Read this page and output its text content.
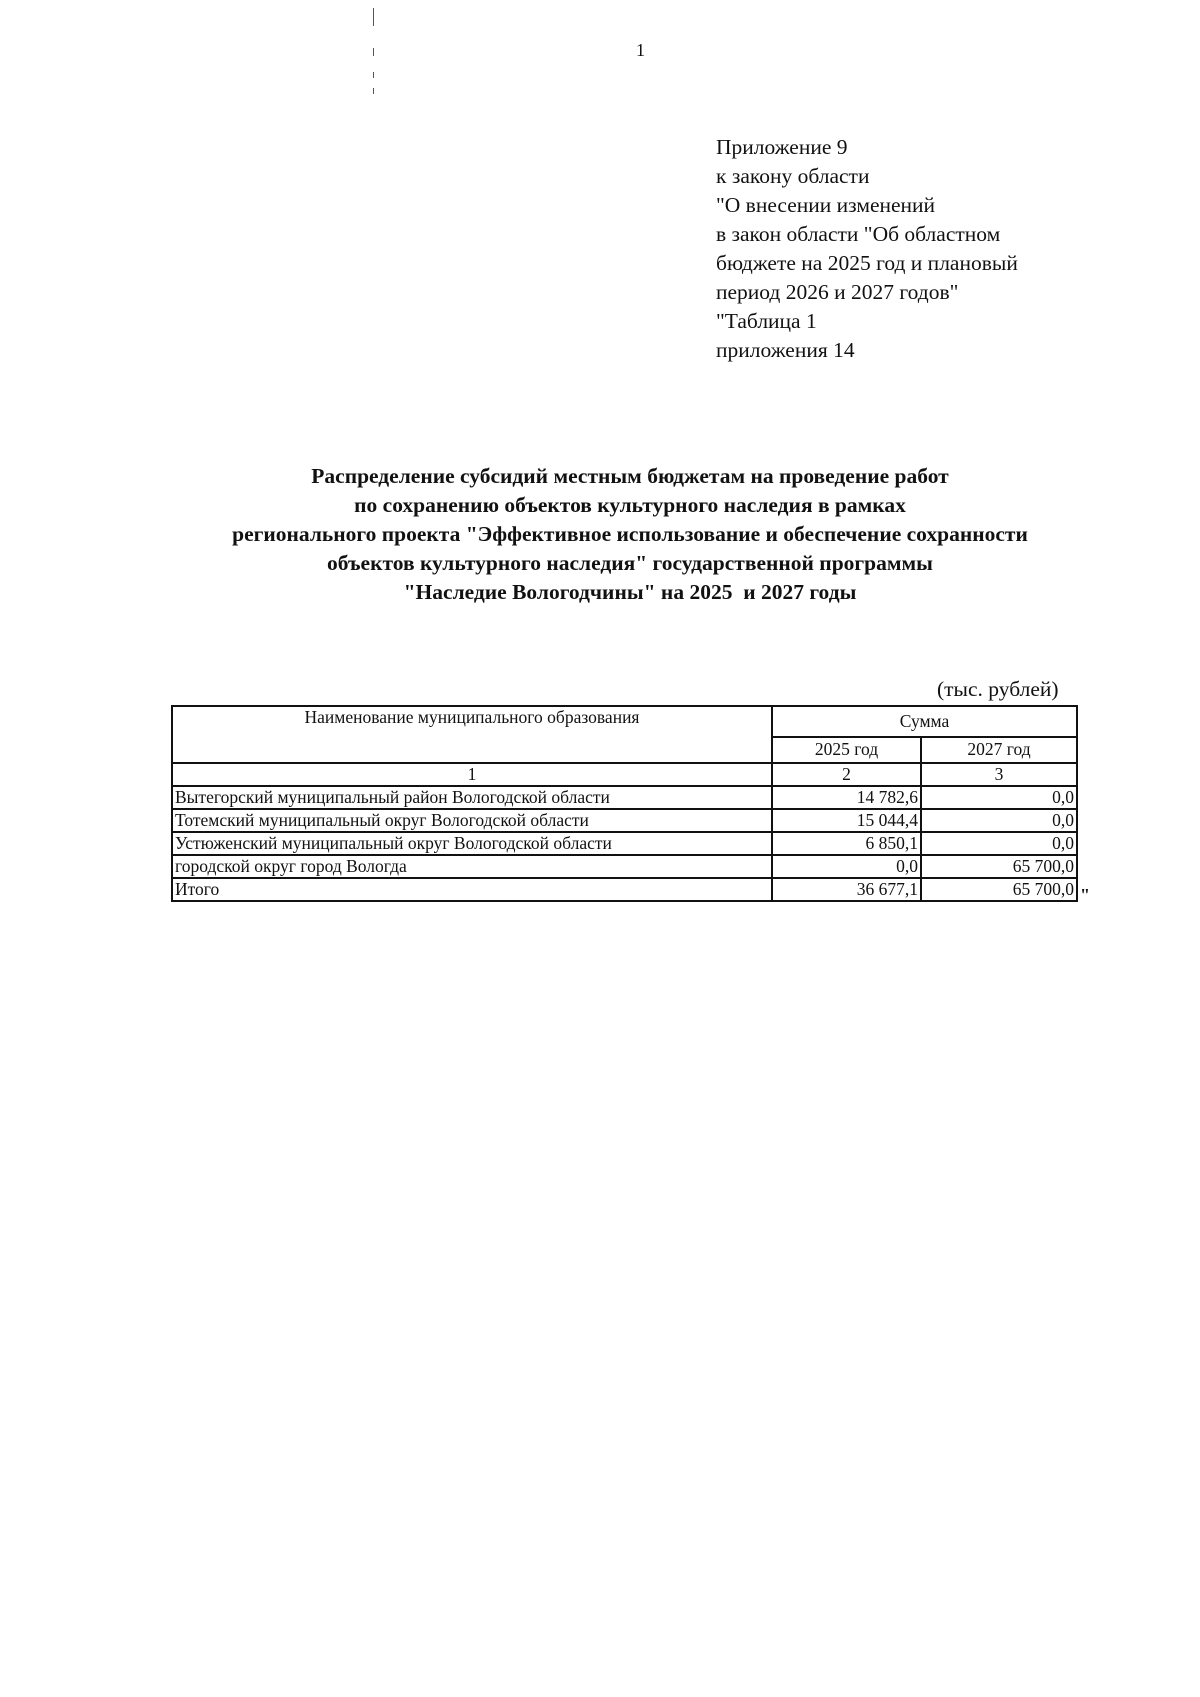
1
Приложение 9
к закону области
"О внесении изменений
в закон области "Об областном
бюджете на 2025 год и плановый
период 2026 и 2027 годов"
"Таблица 1
приложения 14
Распределение субсидий местным бюджетам на проведение работ
по сохранению объектов культурного наследия в рамках
регионального проекта "Эффективное использование и обеспечение сохранности
объектов культурного наследия" государственной программы
"Наследие Вологодчины" на 2025  и 2027 годы
(тыс. рублей)
Наименование муниципального образования	Сумма	
	2025 год	2027 год
1	2	3
Вытегорский муниципальный район Вологодской области	14 782,6	0,0
Тотемский муниципальный округ Вологодской области	15 044,4	0,0
Устюженский муниципальный округ Вологодской области	6 850,1	0,0
городской округ город Вологда	0,0	65 700,0
Итого	36 677,1	65 700,0 "
